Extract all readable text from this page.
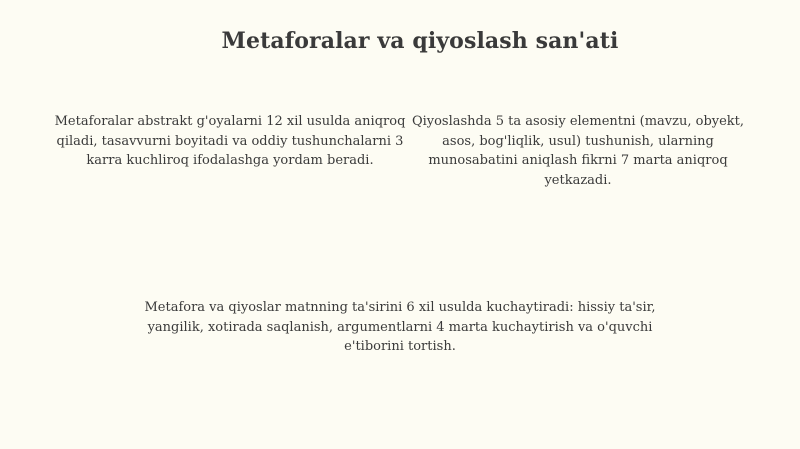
Metaforalar va qiyoslash san'ati
Metaforalar abstrakt g'oyalarni 12 xil usulda aniqroq qiladi, tasavvurni boyitadi va oddiy tushunchalarni 3 karra kuchliroq ifodalashga yordam beradi.
Qiyoslashda 5 ta asosiy elementni (mavzu, obyekt, asos, bog'liqlik, usul) tushunish, ularning munosabatini aniqlash fikrni 7 marta aniqroq yetkazadi.
Metafora va qiyoslar matnning ta'sirini 6 xil usulda kuchaytiradi: hissiy ta'sir, yangilik, xotirada saqlanish, argumentlarni 4 marta kuchaytirish va o'quvchi e'tiborini tortish.
